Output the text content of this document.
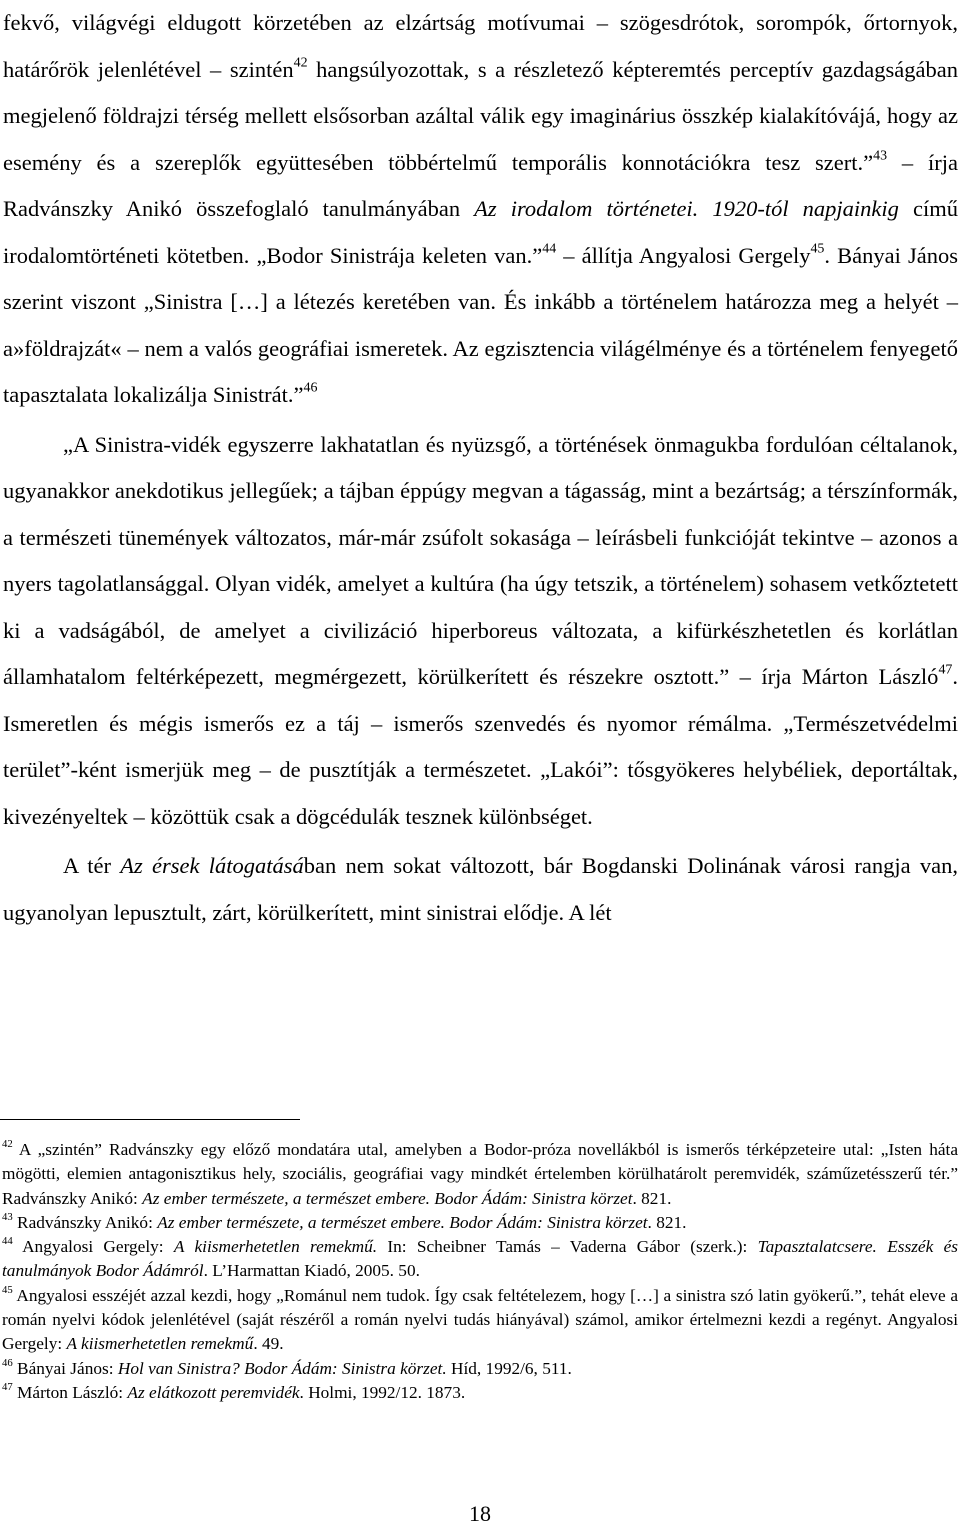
fekvő, világvégi eldugott körzetében az elzártság motívumai – szögesdrótok, sorompók, őrtornyok, határőrök jelenlétével – szintén$^{42}$ hangsúlyozottak, s a részletező képteremtés perceptív gazdagságában megjelenő földrajzi térség mellett elsősorban azáltal válik egy imaginárius összkép kialakítóvájá, hogy az esemény és a szereplők együttesében többértelmű temporális konnotációkra tesz szert.”$^{43}$ – írja Radvánszky Anikó összefoglaló tanulmányában Az irodalom történetei. 1920-tól napjainkig című irodalomtörténeti kötetben. „Bodor Sinistrája keleten van.”$^{44}$ – állítja Angyalosi Gergely$^{45}$. Bányai János szerint viszont „Sinistra […] a létezés keretében van. És inkább a történelem határozza meg a helyét – a»földrajzát« – nem a valós geográfiai ismeretek. Az egzisztencia világélménye és a történelem fenyegető tapasztalata lokalizálja Sinistrát.”$^{46}$

„A Sinistra-vidék egyszerre lakhatatlan és nyüzsgő, a történések önmagukba fordulóan céltalanok, ugyanakkor anekdotikus jellegűek; a tájban éppúgy megvan a tágasság, mint a bezártság; a térszínformák, a természeti tünemények változatos, már-már zsúfolt sokasága – leírásbeli funkcióját tekintve – azonos a nyers tagolatlansággal. Olyan vidék, amelyet a kultúra (ha úgy tetszik, a történelem) sohasem vetkőztetett ki a vadságából, de amelyet a civilizáció hiperboreus változata, a kifürkészhetetlen és korlátlan államhatalom feltérképezett, megmérgezett, körülkerített és részekre osztott.” – írja Márton László$^{47}$. Ismeretlen és mégis ismerős ez a táj – ismerős szenvedés és nyomor rémálma. „Természetvédelmi terület”-ként ismerjük meg – de pusztítják a természetet. „Lakói”: tősgyökeres helybéliek, deportáltak, kivezényeltek – közöttük csak a dögcédulák tesznek különbséget.

A tér Az érsek látogatásában nem sokat változott, bár Bogdanski Dolinának városi rangja van, ugyanolyan lepusztult, zárt, körülkerített, mint sinistrai elődje. A lét

$^{42}$ A „szintén” Radvánszky egy előző mondatára utal, amelyben a Bodor-próza novellákból is ismerős térképzeteire utal: „Isten háta mögötti, elemien antagonisztikus hely, szociális, geográfiai vagy mindkét értelemben körülhatárolt peremvidék, száműzetésszerű tér.” Radvánszky Anikó: Az ember természete, a természet embere. Bodor Ádám: Sinistra körzet. 821.

$^{43}$ Radvánszky Anikó: Az ember természete, a természet embere. Bodor Ádám: Sinistra körzet. 821.

$^{44}$ Angyalosi Gergely: A kiismerhetetlen remekmű. In: Scheibner Tamás – Vaderna Gábor (szerk.): Tapasztalatcsere. Esszék és tanulmányok Bodor Ádámról. L’Harmattan Kiadó, 2005. 50.

$^{45}$ Angyalosi esszéjét azzal kezdi, hogy „Románul nem tudok. Így csak feltételezem, hogy […] a sinistra szó latin gyökerű.”, tehát eleve a román nyelvi kódok jelenlétével (saját részéről a román nyelvi tudás hiányával) számol, amikor értelmezni kezdi a regényt. Angyalosi Gergely: A kiismerhetetlen remekmű. 49.

$^{46}$ Bányai János: Hol van Sinistra? Bodor Ádám: Sinistra körzet. Híd, 1992/6, 511.

$^{47}$ Márton László: Az elátkozott peremvidék. Holmi, 1992/12. 1873.

18
